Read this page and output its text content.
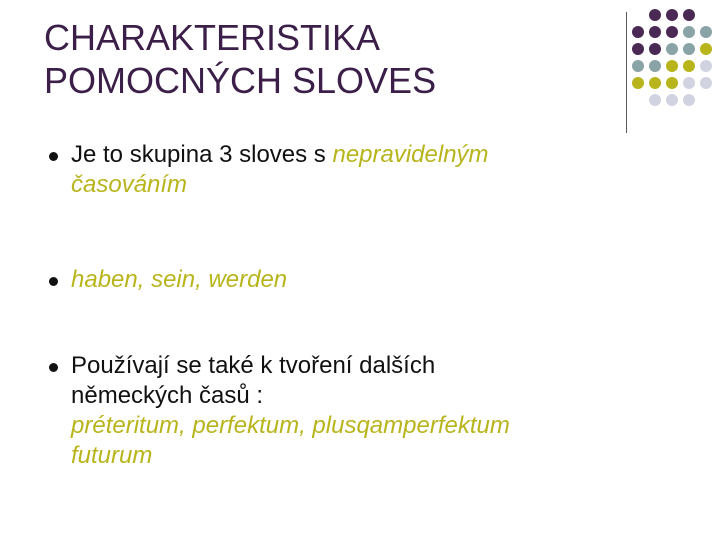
CHARAKTERISTIKA
POMOCNÝCH SLOVES
Je to skupina 3 sloves s nepravidelným
časováním
haben, sein, werden
Používají se také k tvoření dalších
německých časů :
préteritum, perfektum, plusqamperfektum
futurum
